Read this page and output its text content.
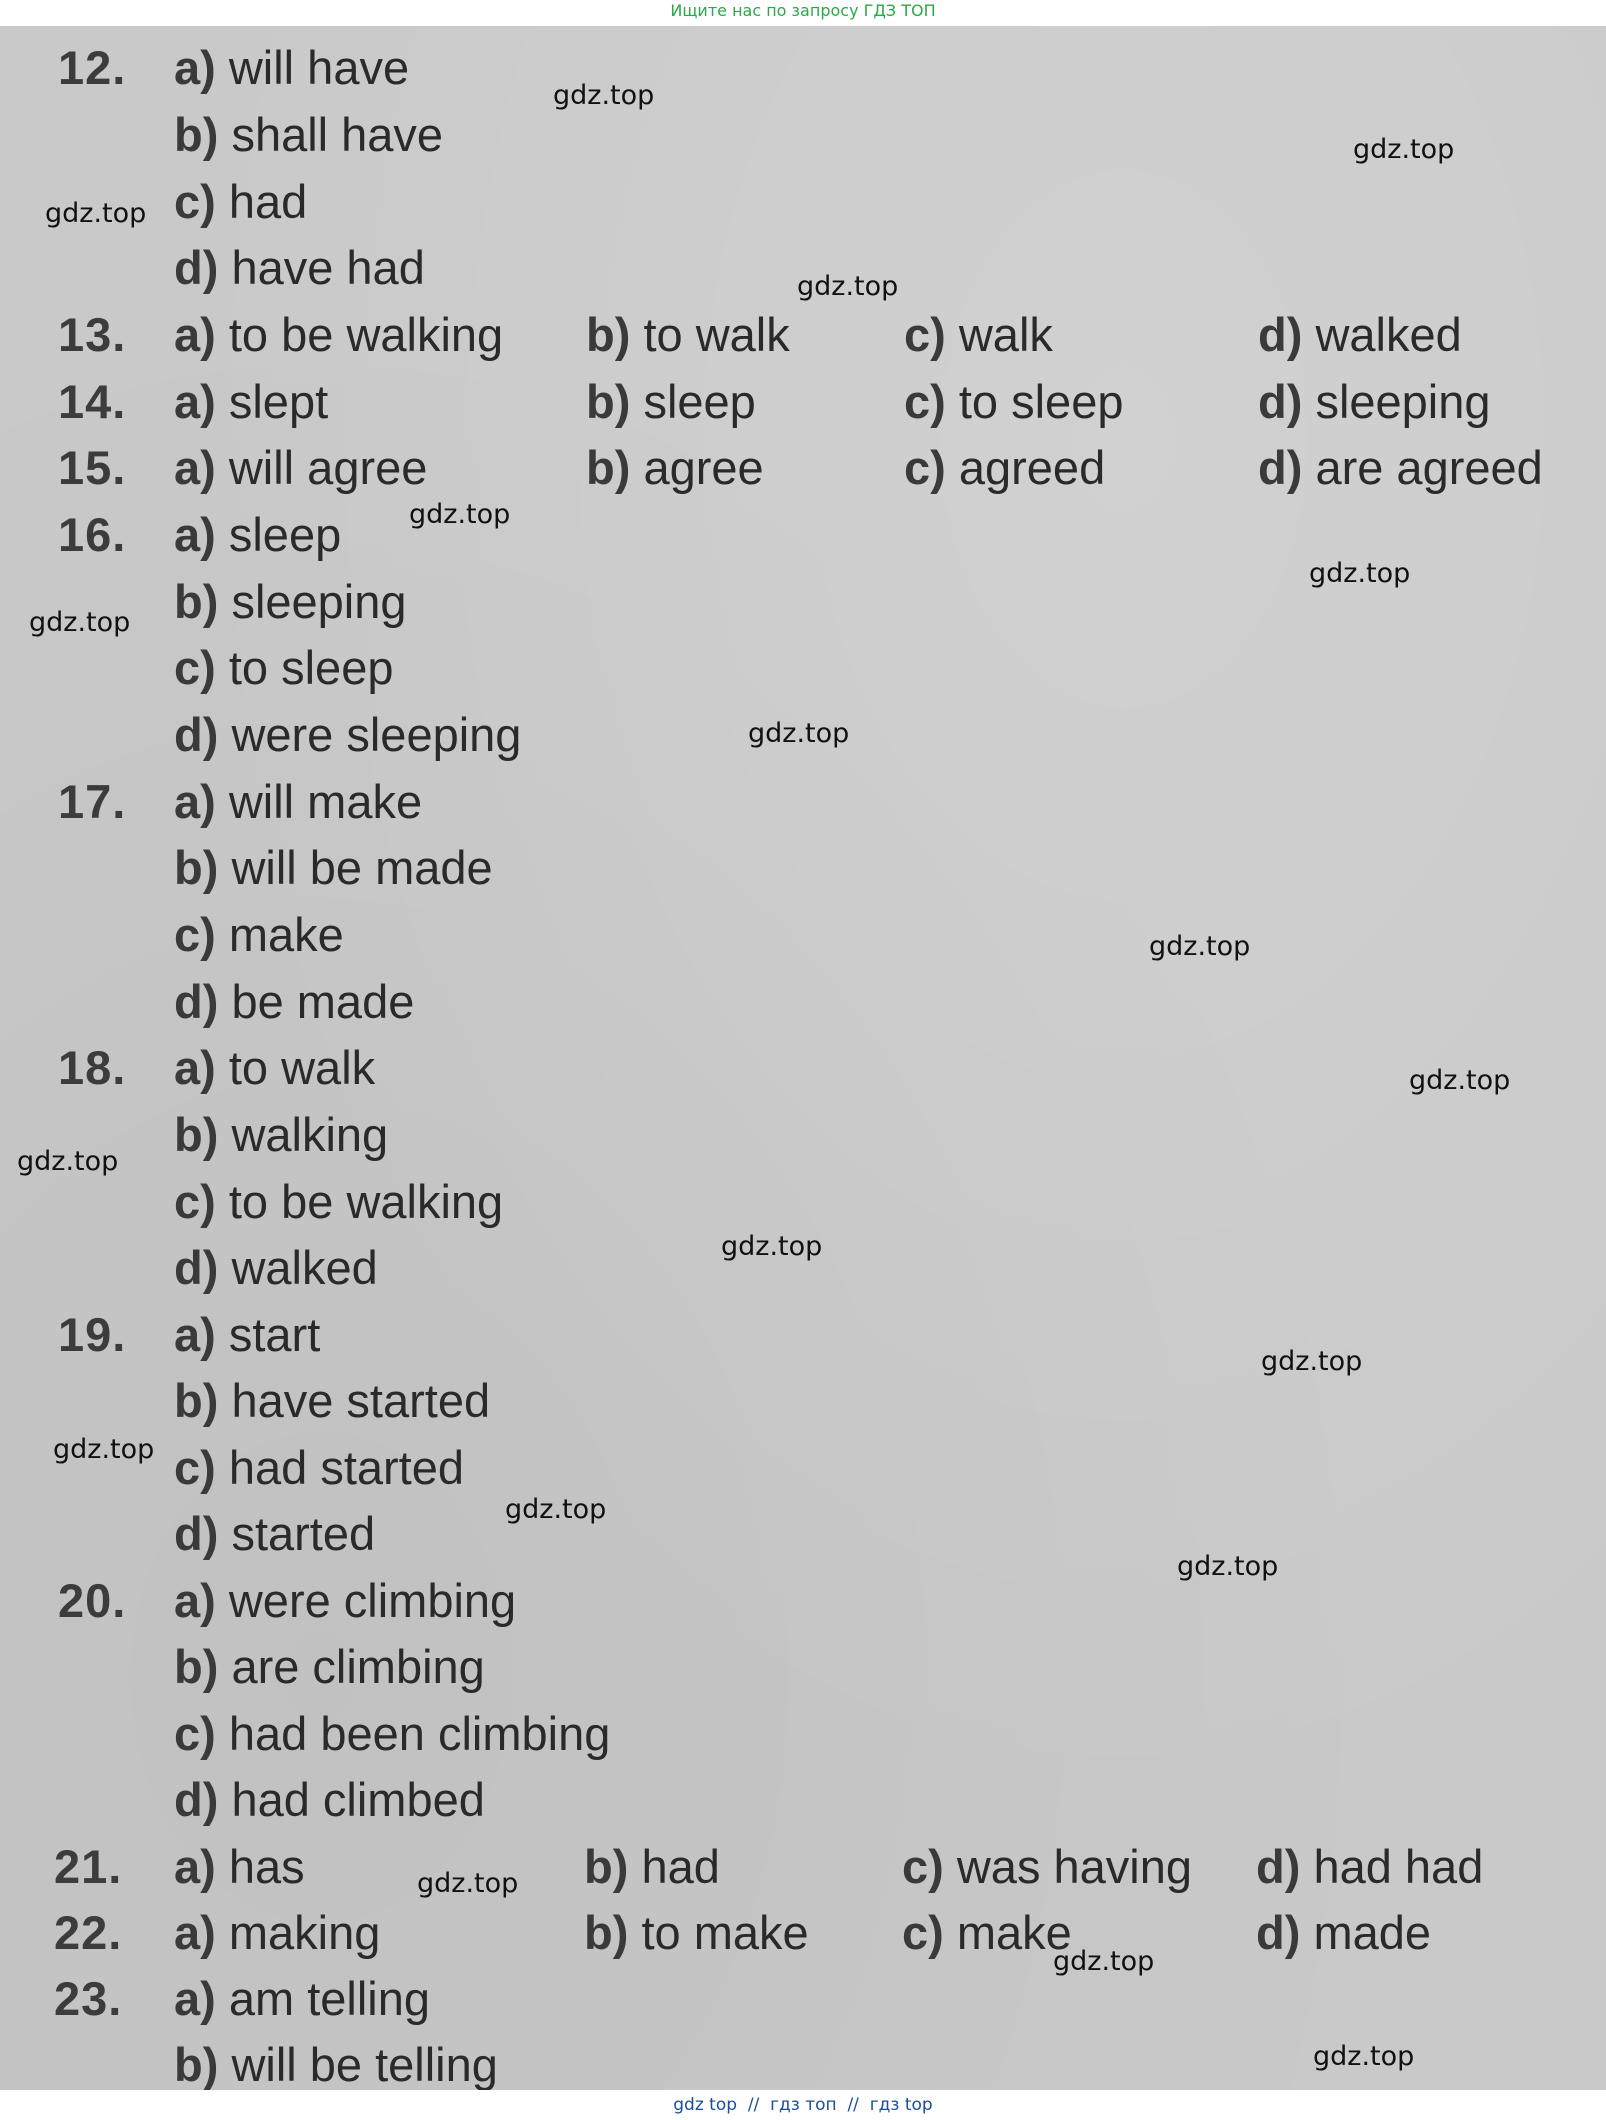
Ищите нас по запросу ГДЗ ТОП
12. a) will have
b) shall have
c) had
d) have had
13. a) to be walking b) to walk c) walk	d) walked
14. a) slept	b) sleep	c) to sleep	d) sleeping
15. a) will agree	b) agree	c) agreed	d) are agreed
16. a) sleep
b) sleeping
c) to sleep
d) were sleeping
17. a) will make
b) will be made
c) make
d) be made
18. a) to walk
b) walking
c) to be walking
d) walked
19. a) start
b) have started
c) had started
d) started
20. a) were climbing
b) are climbing
c) had been climbing
d) had climbed
21. a) has	b) had	c) was having d) had had
22. a) making	b) to make c) make	d) made
23. a) am telling
b) will be telling
gdz.top
gdz.top
gdz.top
gdz.top
gdz.top
gdz.top
gdz.top
gdz.top
gdz.top
gdz.top
gdz.top
gdz.top
gdz.top
gdz.top
gdz.top
gdz.top
gdz.top
gdz.top
gdz.top
gdz top  //  гдз топ  //  гдз top
